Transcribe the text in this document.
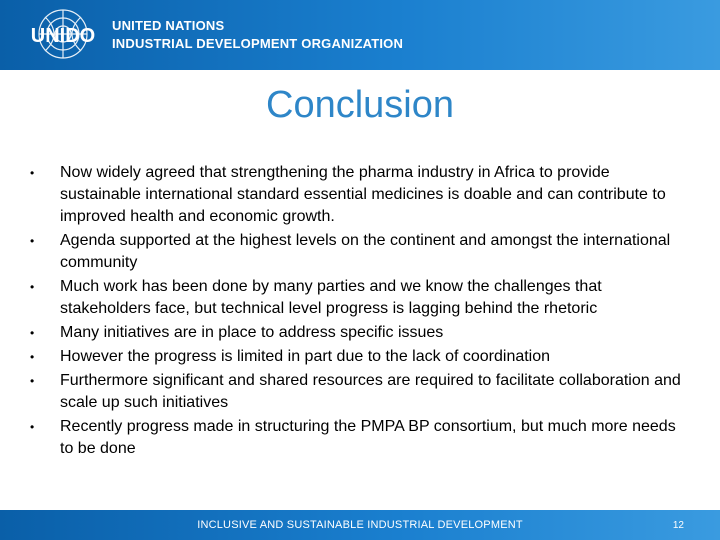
UNIDO UNITED NATIONS
INDUSTRIAL DEVELOPMENT ORGANIZATION
Conclusion
• Now widely agreed that strengthening the pharma industry in Africa to provide sustainable international standard essential medicines is doable and can contribute to improved health and economic growth.
• Agenda supported at the highest levels on the continent and amongst the international community
• Much work has been done by many parties and we know the challenges that stakeholders face, but technical level progress is lagging behind the rhetoric
• Many initiatives are in place to address specific issues
• However the progress is limited in part due to the lack of coordination
• Furthermore significant and shared resources are required to facilitate collaboration and scale up such initiatives
• Recently progress made in structuring the PMPA BP consortium, but much more needs to be done
INCLUSIVE AND SUSTAINABLE INDUSTRIAL DEVELOPMENT	12
